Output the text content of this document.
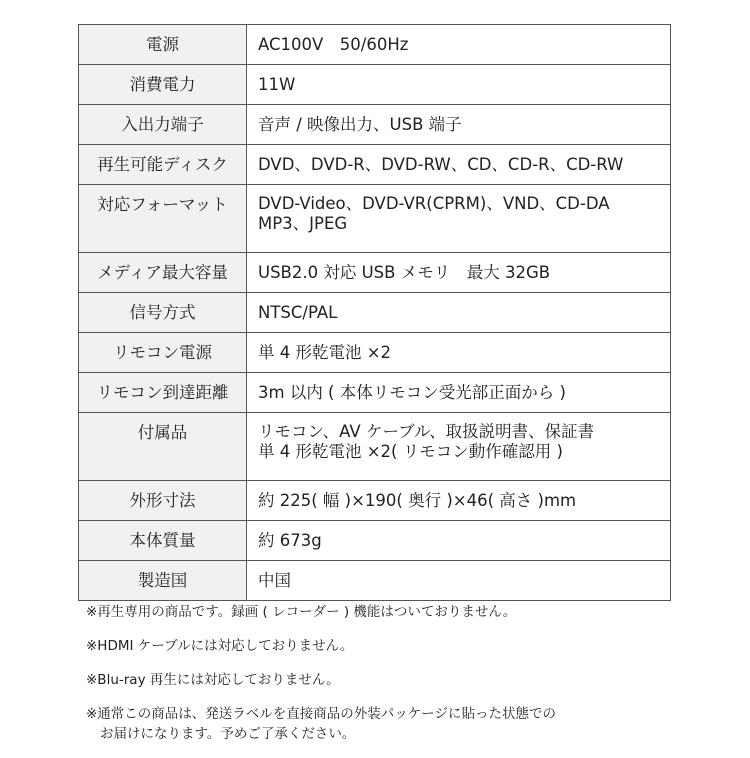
電源	AC100V　50/60Hz
消費電力	11W
入出力端子	音声 / 映像出力、USB 端子
再生可能ディスク	DVD、DVD-R、DVD-RW、CD、CD-R、CD-RW
対応フォーマット	DVD-Video、DVD-VR(CPRM)、VND、CD-DA
MP3、JPEG

メディア最大容量	USB2.0 対応 USB メモリ　最大 32GB
信号方式	NTSC/PAL
リモコン電源	単 4 形乾電池 ×2
リモコン到達距離	3m 以内 ( 本体リモコン受光部正面から )
付属品	リモコン、AV ケーブル、取扱説明書、保証書
単 4 形乾電池 ×2( リモコン動作確認用 )

外形寸法	約 225( 幅 )×190( 奥行 )×46( 高さ )mm
本体質量	約 673g
製造国	中国

※再生専用の商品です。録画 ( レコーダー ) 機能はついておりません。

※HDMI ケーブルには対応しておりません。

※Blu-ray 再生には対応しておりません。

※通常この商品は、発送ラベルを直接商品の外装パッケージに貼った状態での
お届けになります。予めご了承ください。
